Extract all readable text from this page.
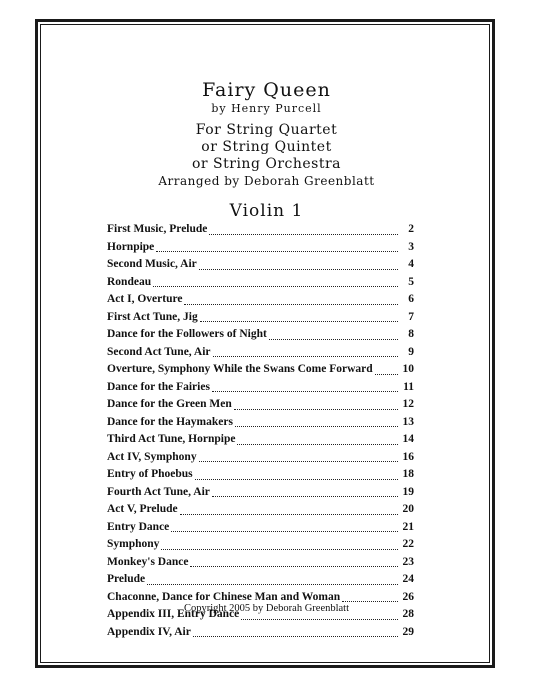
Fairy Queen
by Henry Purcell
For String Quartet
or String Quintet
or String Orchestra
Arranged by Deborah Greenblatt
Violin 1
First Music, Prelude	2
Hornpipe	3
Second Music, Air	4
Rondeau	5
Act I, Overture	6
First Act Tune, Jig	7
Dance for the Followers of Night	8
Second Act Tune, Air	9
Overture, Symphony While the Swans Come Forward	10
Dance for the Fairies	11
Dance for the Green Men	12
Dance for the Haymakers	13
Third Act Tune, Hornpipe	14
Act IV, Symphony	16
Entry of Phoebus	18
Fourth Act Tune, Air	19
Act V, Prelude	20
Entry Dance	21
Symphony	22
Monkey's Dance	23
Prelude	24
Chaconne, Dance for Chinese Man and Woman	26
Appendix III, Entry Dance	28
Appendix IV, Air	29
Copyright 2005 by Deborah Greenblatt
